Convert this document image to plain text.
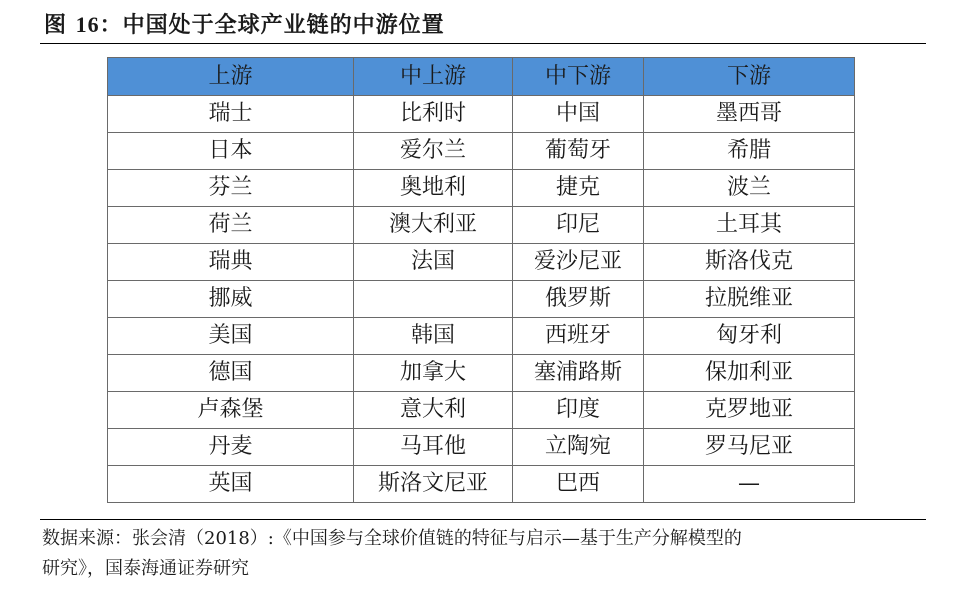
图 16：中国处于全球产业链的中游位置
上游	中上游	中下游	下游
瑞士	比利时	中国	墨西哥
日本	爱尔兰	葡萄牙	希腊
芬兰	奥地利	捷克	波兰
荷兰	澳大利亚	印尼	土耳其
瑞典	法国	爱沙尼亚	斯洛伐克
挪威		俄罗斯	拉脱维亚
美国	韩国	西班牙	匈牙利
德国	加拿大	塞浦路斯	保加利亚
卢森堡	意大利	印度	克罗地亚
丹麦	马耳他	立陶宛	罗马尼亚
英国	斯洛文尼亚	巴西	—
数据来源：张会清（2018）:《中国参与全球价值链的特征与启示—基于生产分解模型的
研究》，国泰海通证券研究
